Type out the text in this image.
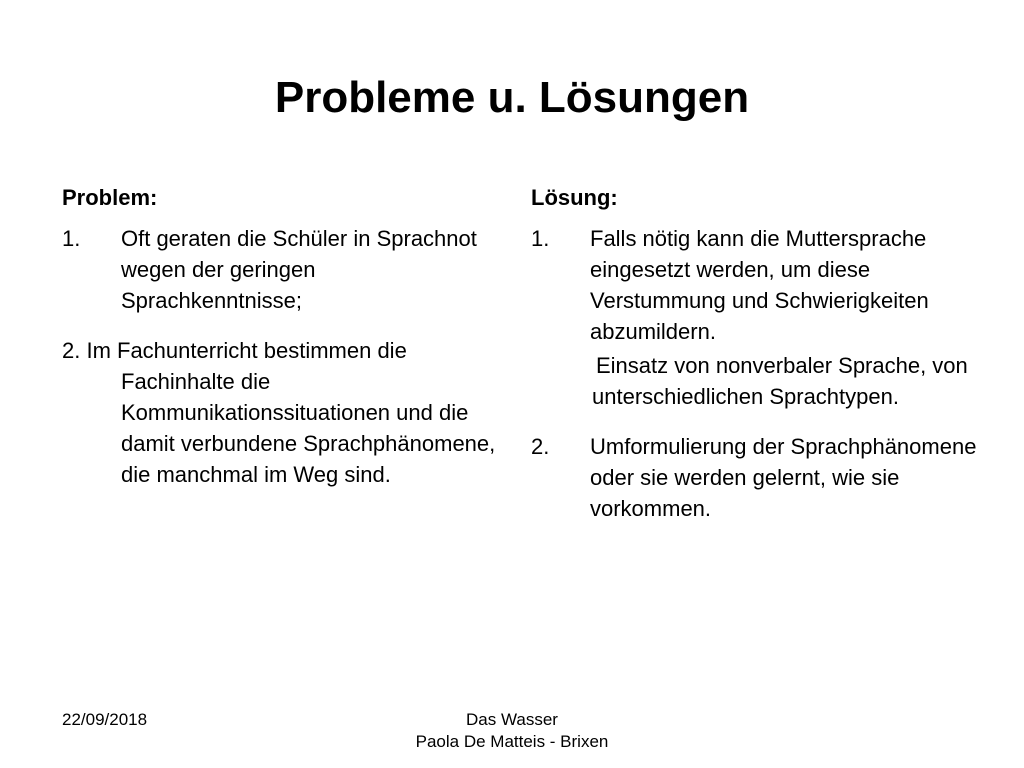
Probleme u. Lösungen
Problem:
1. Oft geraten die Schüler in Sprachnot wegen der geringen Sprachkenntnisse;
2. Im Fachunterricht bestimmen die Fachinhalte die Kommunikationssituationen und die damit verbundene Sprachphänomene, die manchmal im Weg sind.
Lösung:
1. Falls nötig kann die Muttersprache eingesetzt werden, um diese Verstummung und Schwierigkeiten abzumildern.
Einsatz von nonverbaler Sprache, von unterschiedlichen Sprachtypen.
2. Umformulierung der Sprachphänomene oder sie werden gelernt, wie sie vorkommen.
22/09/2018	Das Wasser
Paola De Matteis - Brixen
